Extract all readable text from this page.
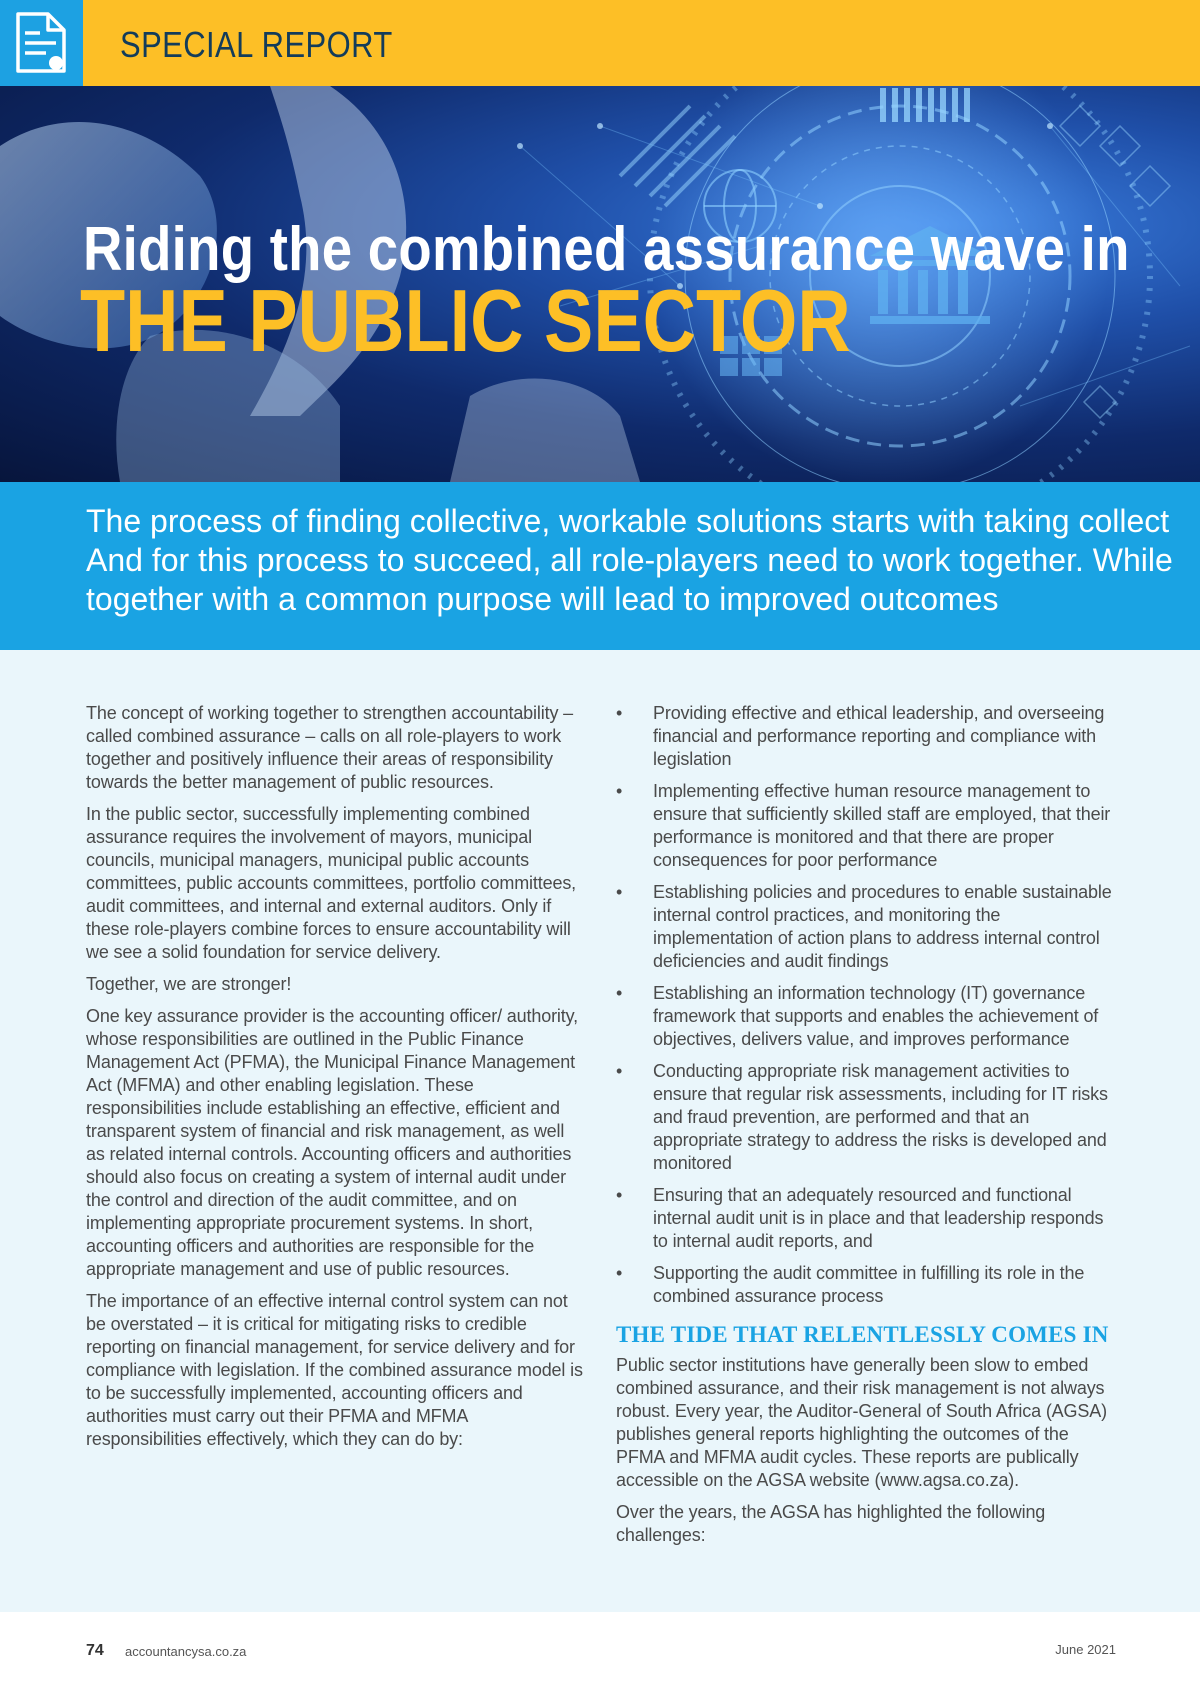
SPECIAL REPORT
Riding the combined assurance wave in
THE PUBLIC SECTOR

The process of finding collective, workable solutions starts with taking collect
And for this process to succeed, all role-players need to work together. While
together with a common purpose will lead to improved outcomes

The concept of working together to strengthen accountability – called combined assurance – calls on all role-players to work together and positively influence their areas of responsibility towards the better management of public resources.

In the public sector, successfully implementing combined assurance requires the involvement of mayors, municipal councils, municipal managers, municipal public accounts committees, public accounts committees, portfolio committees, audit committees, and internal and external auditors. Only if these role-players combine forces to ensure accountability will we see a solid foundation for service delivery.

Together, we are stronger!

One key assurance provider is the accounting officer/ authority, whose responsibilities are outlined in the Public Finance Management Act (PFMA), the Municipal Finance Management Act (MFMA) and other enabling legislation. These responsibilities include establishing an effective, efficient and transparent system of financial and risk management, as well as related internal controls. Accounting officers and authorities should also focus on creating a system of internal audit under the control and direction of the audit committee, and on implementing appropriate procurement systems. In short, accounting officers and authorities are responsible for the appropriate management and use of public resources.

The importance of an effective internal control system can not be overstated – it is critical for mitigating risks to credible reporting on financial management, for service delivery and for compliance with legislation. If the combined assurance model is to be successfully implemented, accounting officers and authorities must carry out their PFMA and MFMA responsibilities effectively, which they can do by:

• Providing effective and ethical leadership, and overseeing financial and performance reporting and compliance with legislation
• Implementing effective human resource management to ensure that sufficiently skilled staff are employed, that their performance is monitored and that there are proper consequences for poor performance
• Establishing policies and procedures to enable sustainable internal control practices, and monitoring the implementation of action plans to address internal control deficiencies and audit findings
• Establishing an information technology (IT) governance framework that supports and enables the achievement of objectives, delivers value, and improves performance
• Conducting appropriate risk management activities to ensure that regular risk assessments, including for IT risks and fraud prevention, are performed and that an appropriate strategy to address the risks is developed and monitored
• Ensuring that an adequately resourced and functional internal audit unit is in place and that leadership responds to internal audit reports, and
• Supporting the audit committee in fulfilling its role in the combined assurance process
THE TIDE THAT RELENTLESSLY COMES IN

Public sector institutions have generally been slow to embed combined assurance, and their risk management is not always robust. Every year, the Auditor-General of South Africa (AGSA) publishes general reports highlighting the outcomes of the PFMA and MFMA audit cycles. These reports are publically accessible on the AGSA website (www.agsa.co.za).

Over the years, the AGSA has highlighted the following challenges:

74 accountancysa.co.za	June 2021
